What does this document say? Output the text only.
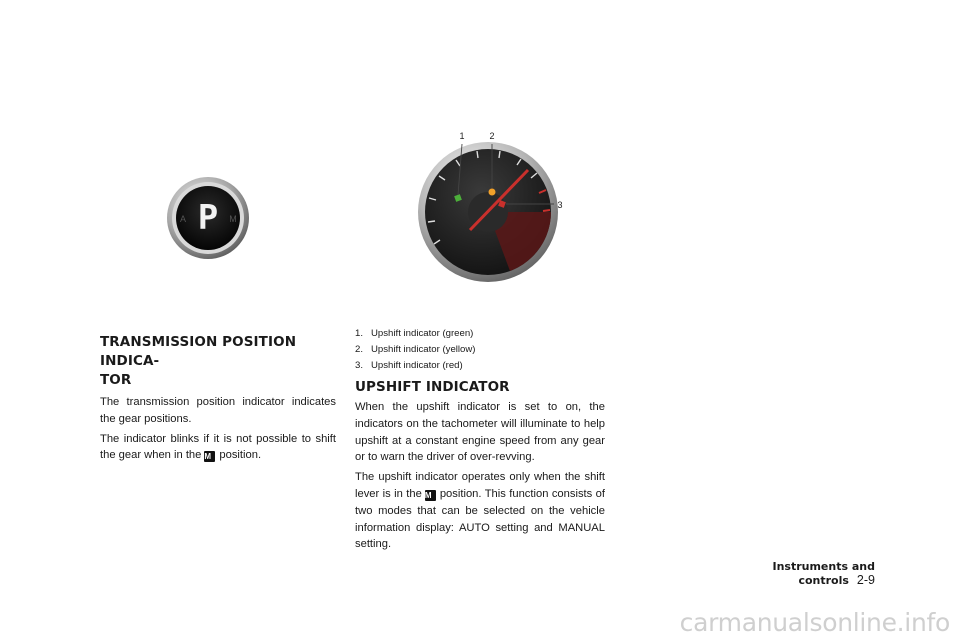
P
A	M
1	2
3
TRANSMISSION POSITION INDICA-
TOR

The transmission position indicator indicates the gear positions.

The indicator blinks if it is not possible to shift the gear when in the M position.

1. Upshift indicator (green)
2. Upshift indicator (yellow)
3. Upshift indicator (red)
UPSHIFT INDICATOR

When the upshift indicator is set to on, the indicators on the tachometer will illuminate to help upshift at a constant engine speed from any gear or to warn the driver of over-revving.

The upshift indicator operates only when the shift lever is in the M position. This function consists of two modes that can be selected on the vehicle information display: AUTO setting and MANUAL setting.

Instruments and controls 2-9
carmanualsonline.info
